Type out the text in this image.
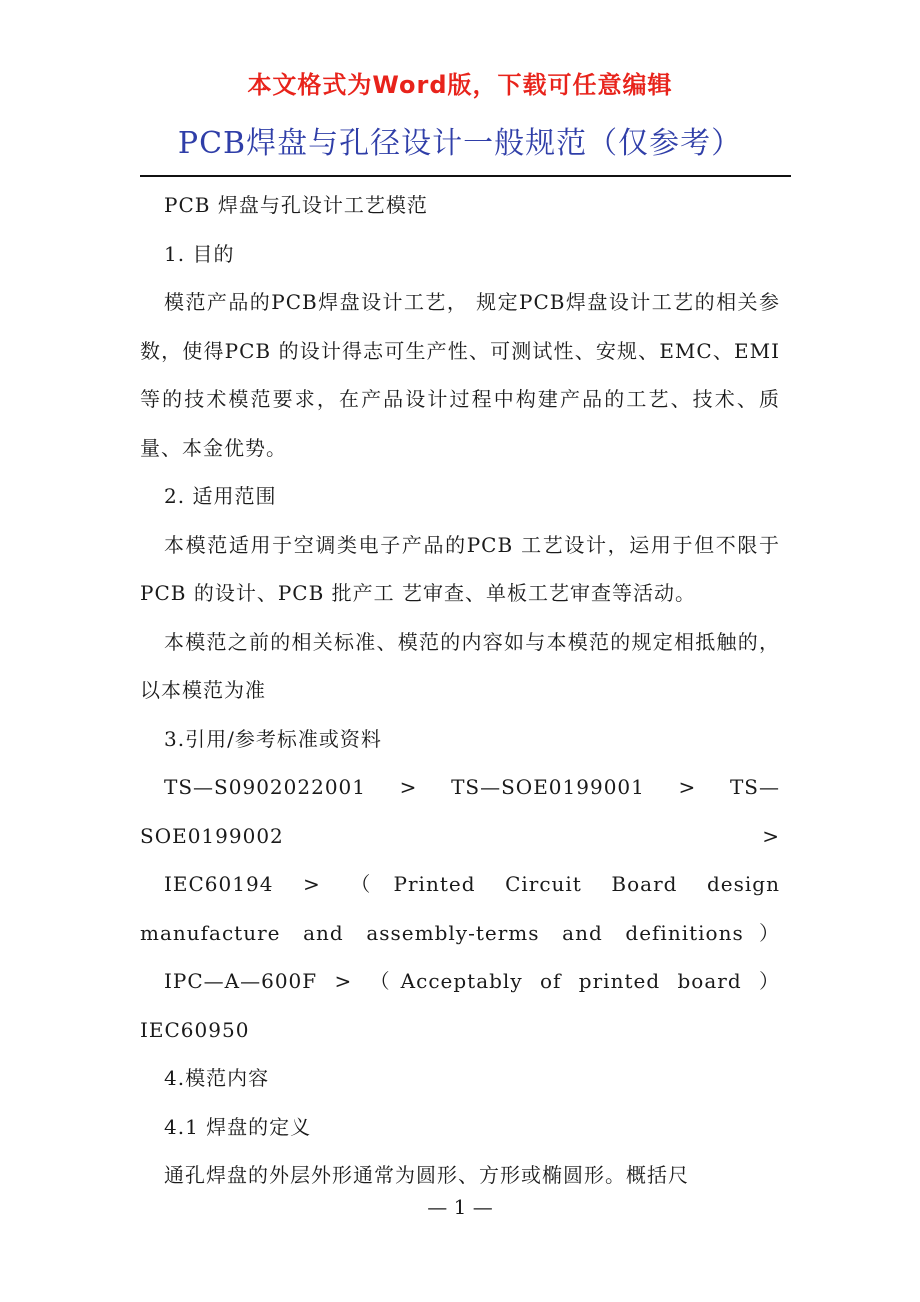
本文格式为Word版，下载可任意编辑
PCB焊盘与孔径设计一般规范（仅参考）

PCB 焊盘与孔设计工艺模范

1. 目的

模范产品的PCB焊盘设计工艺， 规定PCB焊盘设计工艺的相关参数，使得PCB 的设计得志可生产性、可测试性、安规、EMC、EMI 等的技术模范要求，在产品设计过程中构建产品的工艺、技术、质量、本金优势。

2. 适用范围

本模范适用于空调类电子产品的PCB 工艺设计，运用于但不限于PCB 的设计、PCB 批产工 艺审查、单板工艺审查等活动。

本模范之前的相关标准、模范的内容如与本模范的规定相抵触的，以本模范为准

3.引用/参考标准或资料

TS—S0902022001 > TS—SOE0199001 > TS—SOE0199002 >

IEC60194 > （Printed Circuit Board design manufacture and assembly-terms and definitions）

IPC—A—600F > （Acceptably of printed board ） IEC60950

4.模范内容

4.1 焊盘的定义

通孔焊盘的外层外形通常为圆形、方形或椭圆形。概括尺

— 1 —
